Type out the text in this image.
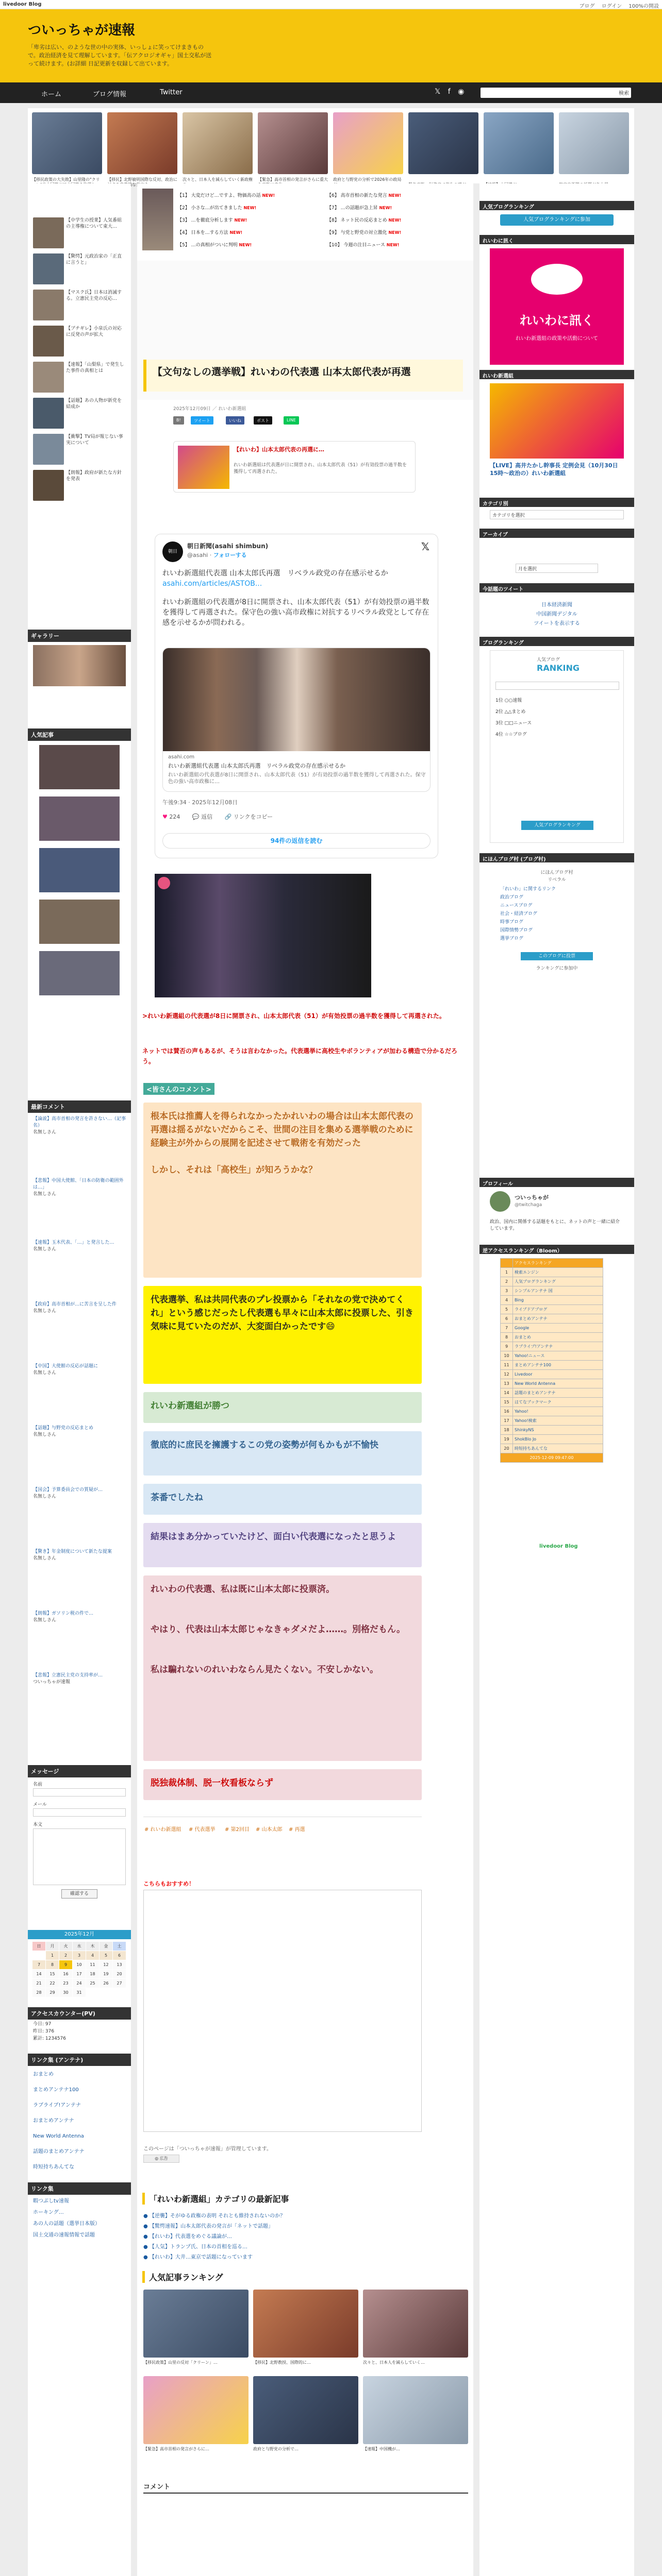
livedoor Blog	ブログ ログイン 100%の開設
ついっちゃが速報
「卑劣は広い、のような世の中の実体、いっしょに笑ってけまきもので。政治経済を見て理解しています。「伝アクロジオギャ」国土交私が送って続けます。(お詳細 日記更新を収録して出ています。
ホーム	ブログ情報	Twitter	𝕏 f ◉	検索
【移民政策の大失敗】山里隆の"クリ	【移民】北野敏明国際な反対、政治に 識な
次々と、日本人を減らしていく新政権 【緊急】高市首相の発言がさらに重大 政府と与野党の分析で2026年の政局
【中学生の授業】人気番組の主導権について東大…
【驚愕】元政治家の「正直に言うと」
【マスク氏】日本は消滅する。立憲民主党の反応…
【ブチギレ】小泉氏の対応に反発の声が拡大
【速報】「山梨県」で発生した事件の真相とは
【話題】あの人物が新党を結成か
【衝撃】TV局が報じない事実について
【朗報】政府が新たな方針を発表
ギャラリー
人気記事
最新コメント
【論説】高市首相の発言を許さない…（記事名）
名無しさん
【悲報】中国大使館、「日本の防衛の範囲外は…」
名無しさん
【速報】玉木代表、「…」と発言した…
名無しさん
【政府】高市首相が…に苦言を呈した件
名無しさん
【中国】大使館の反応が話題に
名無しさん
【話題】与野党の反応まとめ
名無しさん
【国会】予算委員会での質疑が…
名無しさん
【驚き】年金制度について新たな提案
名無しさん
【朗報】ガソリン税の件で…
名無しさん
【悲報】立憲民主党の支持率が…
ついっちゃが速報
メッセージ
名前
メール
本文
確認する
2025年12月
日	月	火	水	木	金	土
	1	2	3	4	5	6
7	8	9	10	11	12	13
14	15	16	17	18	19	20
21	22	23	24	25	26	27
28	29	30	31			
アクセスカウンター(PV)
今日: 97
昨日: 376
累計: 1234576
リンク集 (アンテナ)
おまとめ
まとめアンテナ100
ラブライブ!アンテナ
おまとめアンテナ
New World Antenna
話題のまとめアンテナ
時短持ちあんてな
リンク集
暇つぶしtv速報
ホーキング…
あの人の話題（選挙日本版）
国土交通の速報情報で話題
【1】 大変だけど…ですよ、物価高の話 NEW!
【2】 小さな…が出てきました NEW!
【3】 …を徹底分析します NEW!
【4】 日本を…する方法 NEW!
【5】 …の真相がついに判明 NEW!
【6】 高市首相の新たな発言 NEW!
【7】 …の話題が急上昇 NEW!
【8】 ネット民の反応まとめ NEW!
【9】 与党と野党の対立激化 NEW!
【10】 今週の注目ニュース NEW!
【文句なしの選挙戦】れいわの代表選 山本太郎代表が再選
2025年12月09日 ／ れいわ新選組
B!	ツイート	いいね	ポスト	LINE
【れいわ】山本太郎代表の再選に…
れいわ新選組は代表選が日に開票され、山本太郎代表（51）が有効投票の過半数を獲得して再選された。
朝日
朝日新聞(asahi shimbun)
@asahi · フォローする
𝕏
れいわ新選組代表選 山本太郎氏再選　リベラル政党の存在感示せるか asahi.com/articles/ASTOB...
れいわ新選組の代表選が8日に開票され、山本太郎代表（51）が有効投票の過半数を獲得して再選された。保守色の強い高市政権に対抗するリベラル政党として存在感を示せるかが問われる。
asahi.com
れいわ新選組代表選 山本太郎氏再選　リベラル政党の存在感示せるか
れいわ新選組の代表選が8日に開票され、山本太郎代表（51）が有効投票の過半数を獲得して再選された。保守色の強い高市政権に…
午後9:34 · 2025年12月08日
♥ 224 💬 返信 🔗 リンクをコピー
94件の返信を読む
>れいわ新選組の代表選が8日に開票され、山本太郎代表（51）が有効投票の過半数を獲得して再選された。
ネットでは賛否の声もあるが、そうは言わなかった。代表選挙に高校生やボランティアが加わる構造で分かるだろう。
<皆さんのコメント>
根本氏は推薦人を得られなかったかれいわの場合は山本太郎代表の再選は揺るがないだからこそ、世間の注目を集める選挙戦のために経験主が外からの展開を記述させて戦術を有効だった

しかし、それは「高校生」が知ろうかな？
代表選挙、私は共同代表のプレ投票から「それなの党で決めてくれ」という感じだったし代表選も早々に山本太郎に投票した、引き気味に見ていたのだが、大変面白かったです😄
れいわ新選組が勝つ
徹底的に庶民を擁護するこの党の姿勢が何もかもが不愉快
茶番でしたね
結果はまあ分かっていたけど、面白い代表選になったと思うよ
れいわの代表選、私は既に山本太郎に投票済。

やはり、代表は山本太郎じゃなきゃダメだよ……。別格だもん。

私は騙れないのれいわならん見たくない。不安しかない。
脱独裁体制、脱一枚看板ならず
# れいわ新選組 # 代表選挙 # 第2回目 # 山本太郎 # 再選
こちらもおすすめ！
このページは「ついっちゃが速報」が管理しています。
◎ 広告
「れいわ新選組」カテゴリの最新記事
● 【逆襲】そがゆる政権の表明 それとも維持されないのか？
● 【驚愕速報】山本太郎代表の発言が「ネットで話題」
● 【れいわ】代表選をめぐる議論が…
● 【人気】トランプ氏、日本の首相を巡る…
● 【れいわ】大井…東京で話題になっています
人気記事ランキング
【移民政策】山里の反対「クリーン」…	【移民】北野教授、国際的に…	次々と、日本人を減らしていく…
【緊急】高市首相の発言がさらに…	政府と与野党の分析で…	【速報】中国機が…
コメント
人気ブログランキング
人気ブログランキングに参加
れいわに訊く
れいわに訊く
れいわ新選組の政策や活動について
れいわ新選組
【LIVE】高井たかし幹事長 定例会見（10月30日15時〜政治の）れいわ新選組
カテゴリ別
カテゴリを選択
アーカイブ
月を選択
今話題のツイート
日本経済新聞
中国新聞デジタル
ツイートを表示する
ブログランキング
人気ブログ
RANKING
1位 ○○速報
2位 △△まとめ
3位 □□ニュース
4位 ☆☆ブログ
人気ブログランキング
にほんブログ村 (ブログ村)
にほんブログ村
リベラル
「れいわ」に関するリンク
政治ブログ
ニュースブログ
社会・経済ブログ
時事ブログ
国際情勢ブログ
選挙ブログ
このブログに投票
ランキングに参加中
プロフィール
ついっちゃが
@twitchaga
政治、国内に関係する話題をもとに、ネットの声と一緒に紹介しています。
逆アクセスランキング（Bloom）
	アクセスランキング
1	検索エンジン
2	人気ブログランキング
3	シンプルアンテナ 国
4	Bing
5	ライブドアブログ
6	おまとめアンテナ
7	Google
8	おまとめ
9	ラブライブ!アンテナ
10	Yahoo!ニュース
11	まとめアンテナ100
12	Livedoor
13	New World Antenna
14	話題のまとめアンテナ
15	はてなブックマーク
16	Yahoo!
17	Yahoo!検索
18	ShinkyNS
19	ShokBlo Jo
20	時短持ちあんてな
2025-12-09 09:47:00	
livedoor Blog
